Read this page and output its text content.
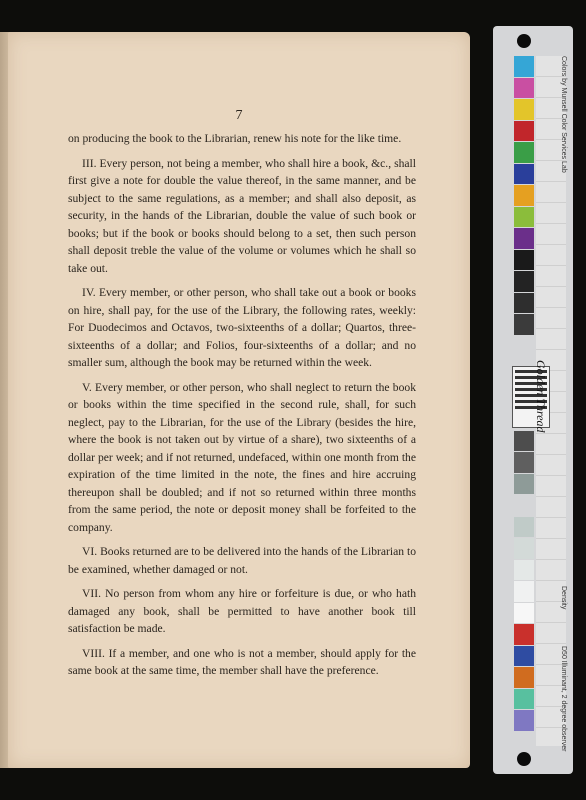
7

on producing the book to the Librarian, renew his note for the like time.

III. Every person, not being a member, who shall hire a book, &c., shall first give a note for double the value thereof, in the same manner, and be subject to the same regulations, as a member; and shall also deposit, as security, in the hands of the Librarian, double the value of such book or books; but if the book or books should belong to a set, then such person shall deposit treble the value of the volume or volumes which he shall so take out.

IV. Every member, or other person, who shall take out a book or books on hire, shall pay, for the use of the Library, the following rates, weekly: For Duodecimos and Octavos, two-sixteenths of a dollar; Quartos, three-sixteenths of a dollar; and Folios, four-sixteenths of a dollar; and no smaller sum, although the book may be returned within the week.

V. Every member, or other person, who shall neglect to return the book or books within the time specified in the second rule, shall, for such neglect, pay to the Librarian, for the use of the Library (besides the hire, where the book is not taken out by virtue of a share), two sixteenths of a dollar per week; and if not returned, undefaced, within one month from the expiration of the time limited in the note, the fines and hire accruing thereupon shall be doubled; and if not so returned within three months from the same period, the note or deposit money shall be forfeited to the company.

VI. Books returned are to be delivered into the hands of the Librarian to be examined, whether damaged or not.

VII. No person from whom any hire or forfeiture is due, or who hath damaged any book, shall be permitted to have another book till satisfaction be made.

VIII. If a member, and one who is not a member, should apply for the same book at the same time, the member shall have the preference.

Colors by Munsell Color Services Lab
Density
D50 Illuminant, 2 degree observer
Golden Thread
